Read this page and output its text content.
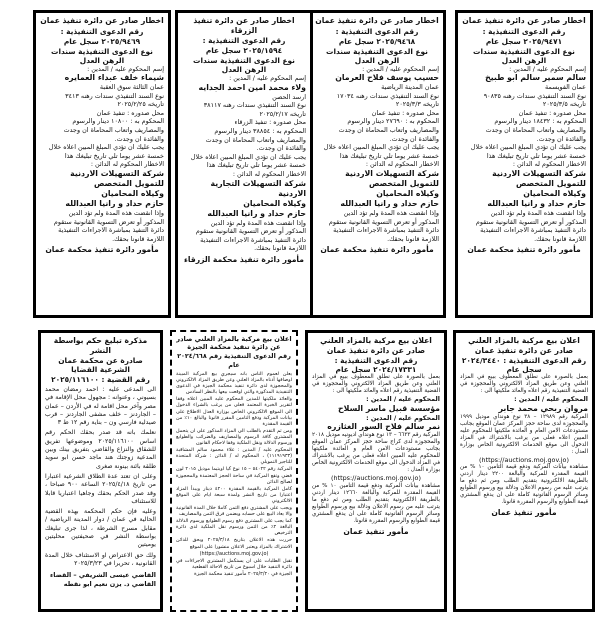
اخطار صادر عن دائرة تنفيذ عمان
رقم الدعوى التنفيذية :
٢٠٢٥/٩٤٧١ سجل عام
نوع الدعوى التنفيذية سندات الرهن العدل
إسم المحكوم عليه / المدين :
سالم سمير سالم ابو طبيخ
عمان الفويسمة
نوع السند التنفيذي سندات رهنه ٩٠٨٣٥
تاريخه ٢٠٢٥/٣/٥
محل صدوره : تنفيذ عمان
المحكوم به : ١٨٤٣٢ دينار والرسوم
والمصاريف واتعاب المحاماة ان وجدت
والفائدة ان وجدت.
يجب عليك ان تؤدي المبلغ المبين اعلاه خلال
خمسة عشر يوما تلي تاريخ تبليغك هذا
الاخطار المحكوم له الدائن :
شركة التسهيلات الاردنية للتمويل المتخصص
وكيلاه المحاميان
حازم حداد و رانيا العبدالله
وإذا انقضت هذه المدة ولم تؤد الدين
المذكور أو تعرض التسوية القانونية ستقوم
دائرة التنفيذ بمباشرة الاجراءات التنفيذية
اللازمة قانونا بحقك.
مأمور دائرة تنفيذ محكمة عمان
اخطار صادر عن دائرة تنفيذ عمان
رقم الدعوى التنفيذية :
٢٠٢٥/٩٤٦٨ سجل عام
نوع الدعوى التنفيذية سندات الرهن العدل
إسم المحكوم عليه / المدين :
حسيب يوسف فلاح العرمان
عمان المدينة الرياضية
نوع السند التنفيذي سندات رهنه ١٧٠٣٤
تاريخه ٢٠٢٥/٣/٣
محل صدوره : تنفيذ عمان
المحكوم به : ٢٧٦٩٠ دينار والرسوم
والمصاريف واتعاب المحاماة ان وجدت
والفائدة ان وجدت.
يجب عليك ان تؤدي المبلغ المبين اعلاه خلال
خمسة عشر يوما تلي تاريخ تبليغك هذا
الاخطار المحكوم له الدائن :
شركة التسهيلات الاردنية للتمويل المتخصص
وكيلاه المحاميان
حازم حداد و رانيا العبدالله
وإذا انقضت هذه المدة ولم تؤد الدين
المذكور أو تعرض التسوية القانونية ستقوم
دائرة التنفيذ بمباشرة الاجراءات التنفيذية
اللازمة قانونا بحقك.
مأمور دائرة تنفيذ محكمة عمان
اخطار صادر عن دائرة تنفيذ الزرقاء
رقم الدعوى التنفيذية :
٢٠٢٥/١٥٩٤ سجل عام
نوع الدعوى التنفيذية سندات الرهن العدل
إسم المحكوم عليه / المدين :
ولاء محمد امين احمد الجدايه
ارسد الحصن
نوع السند التنفيذي سندات رهنه ٣٨١١٧
تاريخه ٢٠٢٥/٢/١٧
محل صدوره : تنفيذ الزرقاء
المحكوم به : ٣٨٨٥٤ دينار والرسوم
والمصاريف واتعاب المحاماة ان وجدت
والفائدة ان وجدت.
يجب عليك ان تؤدي المبلغ المبين اعلاه خلال
خمسة عشر يوما تلي تاريخ تبليغك هذا
الاخطار المحكوم له الدائن :
شركة التسهيلات التجارية الاردنية
وكيلاه المحاميان
حازم حداد و رانيا العبدالله
وإذا انقضت هذه المدة ولم تؤد الدين
المذكور أو تعرض التسوية القانونية ستقوم
دائرة التنفيذ بمباشرة الاجراءات التنفيذية
اللازمة قانونا بحقك.
مأمور دائرة تنفيذ محكمة الزرقاء
اخطار صادر عن دائرة تنفيذ عمان
رقم الدعوى التنفيذية :
٢٠٢٥/٩٤٦٩ سجل عام
نوع الدعوى التنفيذية سندات الرهن العدل
إسم المحكوم عليه / المدين :
شيماء خلف عبداء العمايره
عمان الثالثة سوق العقبة
نوع السند التنفيذي سندات رهنه ٣٤١٣
تاريخه ٢٠٢٥/٢/٢٥
محل صدوره : تنفيذ عمان
المحكوم به : ١٠٨٠٠ دينار والرسوم
والمصاريف واتعاب المحاماة ان وجدت
والفائدة ان وجدت.
يجب عليك ان تؤدي المبلغ المبين اعلاه خلال
خمسة عشر يوما تلي تاريخ تبليغك هذا
الاخطار المحكوم له الدائن :
شركة التسهيلات الاردنية للتمويل المتخصص
وكيلاه المحاميان
حازم حداد و رانيا العبدالله
وإذا انقضت هذه المدة ولم تؤد الدين
المذكور أو تعرض التسوية القانونية ستقوم
دائرة التنفيذ بمباشرة الاجراءات التنفيذية
اللازمة قانونا بحقك.
مأمور دائرة تنفيذ محكمة عمان
اعلان بيع مركبة بالمزاد العلني صادر عن دائرة تنفيذ عمان
رقم الدعوى التنفيذية : ٢٠٢٤/٣٤٤٠ سجل عام
بعمل بالصورة على نطلق المعطوف ببيع في المزاد العلني وعن طريق المزاد الالكتروني والمحجوزة في القضية التنفيذية رقم اعلاه والعائد ملكيتها الى :
المحكوم عليه / المدين :
مروان ربحي محمد جابر
المركبة رقم ١٢٩٨٩ – ٣٨ نوع هونداي موديل ١٩٩٩ والمحجوزة لدى ساحة حجز المركز عمان الموقع بجانب مستودعات الامن العام و العائدة ملكيتها للمحكوم عليه المبين اعلاه فعلى من يرغب بالاشتراك في المزاد الدخول الى موقع الخدمات الالكترونية الخاص بوزارة العدل :
(https://auctions.moj.gov.jo)
مشاهدة بيانات المركبة ودفع قيمة التامين ١٠ % من القيمة المقدرة للمركبة والبالغة ٢٢٠٠ دينار اردني بالطريقة الالكترونية بتقديم الطلب ومن ثم دفع ما يترتب عليه من رسوم الاعلان ودلالة بيع ورسوم الطوابع وسائر الرسوم القانونية كاملة على ان يدفع المشتري قيمة الطوابع والرسوم المقررة قانونا.
مأمور تنفيذ عمان
اعلان بيع مركبة بالمزاد العلني صادر عن دائرة تنفيذ عمان
رقم الدعوى التنفيذية : ٢٠٢٤/١٧٣٣١ سجل عام
بعمل بالصورة على نطلق المعطوف ببيع في المزاد العلني وعن طريق المزاد الالكتروني والمحجوزة في القضية التنفيذية رقم اعلاه والعائد ملكيتها الى :
المحكوم عليه / المدين :
مؤسسة قبيل ماسر السلاح
المحكوم عليه / المدين :
نمر سالم فلاح السور الغثازره
المركبة رقم ٦٦٣٣ – ١٣ نوع هونداي اديونيه موديل ٢٠١٨ والمحجوزة لدى كراج ساحة حجز المركز عمان الموقع بجانب مستودعات الامن العام و العائدة ملكيتها للمحكوم عليه المبين اعلاه فعلى من يرغب بالاشتراك في المزاد الدخول الى موقع الخدمات الالكترونية الخاص بوزارة العدل :
(https://auctions.moj.gov.jo)
مشاهدة بيانات المركبة ودفع قيمة التامين ١٠ % من القيمة المقدرة للمركبة والبالغة ١٢٦٦٠ دينار اردني بالطريقة الالكترونية بتقديم الطلب ومن ثم دفع ما يترتب عليه من رسوم الاعلان ودلالة بيع ورسوم الطوابع وسائر الرسوم القانونية كاملة على ان يدفع المشتري قيمة الطوابع والرسوم المقررة قانونا.
مأمور تنفيذ عمان
اعلان بيع مركبة بالمزاد العلني صادر عن دائرة تنفيذ محكمة الجيزة
رقم الدعوى التنفيذية رقم ٢٠٢٤/٦٦٨ عام
يعلن لعموم الناس بانه سيجري بيع المركبة المبينة اوصافها أدناه بالمزاد العلني وعن طريق المزاد الالكتروني والمحجوزة لدى دائرة تنفيذ محكمة الجيزة في الدعوى التنفيذية المذكورة والتي اوقعت بيعها بالنظر السادس
والعائد ملكيتها للمدين المحكوم عليه المبين اعلاه وفقا لتقرير الخبرة المعتمد فعلى من يرغب بالشراء الدخول الى الموقع الالكتروني الخاص بوزارة العدل الاطلاع على بيانات المركبة ودفع التامين المقرر قانونا والبالغ ١٠٪ من القيمة المقدرة
ومن ثم التقدم بالطلب الى المزاد المذكور على ان يتحمل المشتري كافة الرسوم والمصاريف والضرائب والطوابع ورسوم الدلالة ونقل الملكية وفقا لاحكام القانون
المحكوم عليه / المدين : علاء محمود سالم المشاقبة (١١١٩١٩٣٣) ، المحكوم له / الدائن : شركة المتحدة للتاجير التمويلي
المركبة رقم ٥٤٠٢٢ – ١٥ نوع كيا اوبتيما موديل ٢٠١٥ لون فضي وتقع المركبة في ساحة الحجز المعتمدة والمحجوزة لصالح الدائن
كامل المركبة بالقيمة المقدرة ٤٢٠٠ دينار ويبدأ المزاد اعتبارا من تاريخ النشر ولمدة سبعة ايام على الموقع الالكتروني
ويجب على المشتري دفع الثمن كاملا خلال المدة القانونية والا يعاد البيع على حسابه ويضمن فرق الثمن والمصاريف
كما يجب على المشتري دفع رسوم الطوابع ورسوم الدلالة البالغة ٢٪ من الثمن ورسوم نقل الملكية لدى دائرة الترخيص
حررت هذه الاعلان بتاريخ ٢٠٢٥/٣/١٨ ويحق للدائن الاشتراك بالمزاد ويعتبر الاعلان منشورا على الموقع
(https://auctions.moj.gov.jo)
تقبل الطلبات على ان يستكمل المشتري الاجراءات في دائرة التنفيذ خلال اسبوع من تاريخ الاحالة القطعية
الجيزة في ٢٠٢٥/٣/٢٠ مأمور تنفيذ محكمة الجيزة
مذكرة تبليغ حكم بواسطة النشر
صادرة عن محكمة عمان الشرعية القضايا
رقم القضية : ٢٠٢٥/١١٦١٠٠
الى المدعى عليه : احمد رمضان محمد بسيوني ، وعنوانه : مجهول محل الإقامة في مصر وآخر محل اقامة له في الأردن – عمان – الجاردنز – خلف مشفى الجاردنز – قرب صيدلية فارسي ون – بناية رقم ١٢ ط ٣
نعلمك بانه قد صدر بحقك الحكم رقم اساس ٢٠٢٥/١١٦١٠٠ وموضوعها تفريق للشقاق والنزاع والقاضي بتفريق بينك وبين المدعية زوجتك هند ماجد حسن ابو سويد طلقة بائنة بينونة صغرى
وعلى ان تعتد عدة الطلاق الشرعية اعتبارا من تاريخ ٢٠٢٥/٤/١٨ الساعة ٩٠٠ صباحا ، وقد صدر الحكم بحقك وجاهيا اعتباريا قابلا للاستئناف
وعليه فإن حكم المحكمة بهذه القضية الحالية في عمان / دوار المدينة الرياضية / مقابل مسرح الشرطة ، لذا جرى تبليغك بواسطة النشر في صحيفتين محليتين يوميتين
ولك حق الاعتراض او الاستئناف خلال المدة القانونية ، تحريرا في ٢٠٢٥/٣/٢٣
القاضي عيسى الشريفي – القضاء
القاضي د. يزن نعيم ابو نقطه
